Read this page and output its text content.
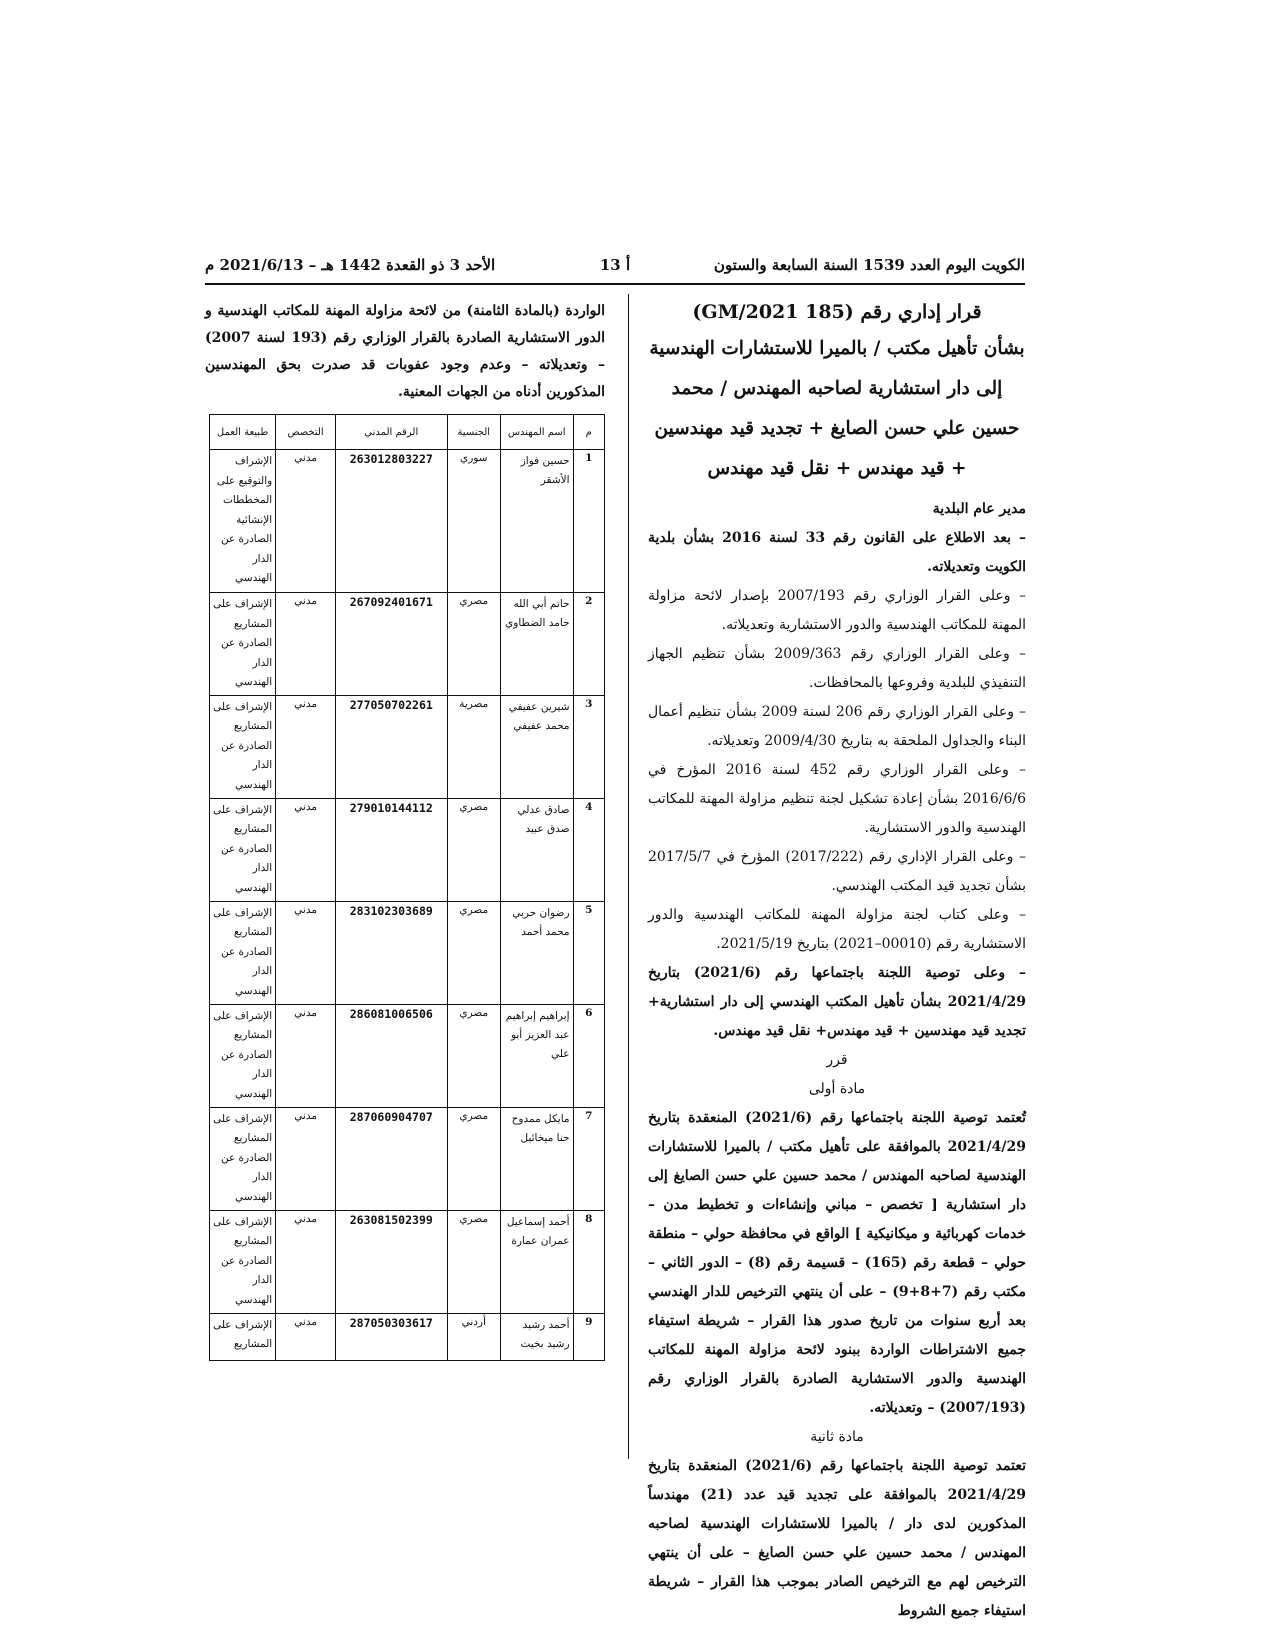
الكويت اليوم العدد 1539 السنة السابعة والستون
أ 13
الأحد 3 ذو القعدة 1442 هـ – 2021/6/13 م

قرار إداري رقم (185 2021/GM)

بشأن تأهيل مكتب / بالميرا للاستشارات الهندسية إلى دار استشارية لصاحبه المهندس / محمد حسين علي حسن الصايغ + تجديد قيد مهندسين + قيد مهندس + نقل قيد مهندس

مدير عام البلدية

– بعد الاطلاع على القانون رقم 33 لسنة 2016 بشأن بلدية الكويت وتعديلاته.

– وعلى القرار الوزاري رقم 2007/193 بإصدار لائحة مزاولة المهنة للمكاتب الهندسية والدور الاستشارية وتعديلاته.

– وعلى القرار الوزاري رقم 2009/363 بشأن تنظيم الجهاز التنفيذي للبلدية وفروعها بالمحافظات.

– وعلى القرار الوزاري رقم 206 لسنة 2009 بشأن تنظيم أعمال البناء والجداول الملحقة به بتاريخ 2009/4/30 وتعديلاته.

– وعلى القرار الوزاري رقم 452 لسنة 2016 المؤرخ في 2016/6/6 بشأن إعادة تشكيل لجنة تنظيم مزاولة المهنة للمكاتب الهندسية والدور الاستشارية.

– وعلى القرار الإداري رقم (2017/222) المؤرخ في 2017/5/7 بشأن تجديد قيد المكتب الهندسي.

– وعلى كتاب لجنة مزاولة المهنة للمكاتب الهندسية والدور الاستشارية رقم (00010–2021) بتاريخ 2021/5/19.

– وعلى توصية اللجنة باجتماعها رقم (2021/6) بتاريخ 2021/4/29 بشأن تأهيل المكتب الهندسي إلى دار استشارية+ تجديد قيد مهندسين + قيد مهندس+ نقل قيد مهندس.

قرر

مادة أولى

تُعتمد توصية اللجنة باجتماعها رقم (2021/6) المنعقدة بتاريخ 2021/4/29 بالموافقة على تأهيل مكتب / بالميرا للاستشارات الهندسية لصاحبه المهندس / محمد حسين علي حسن الصايغ إلى دار استشارية [ تخصص – مباني وإنشاءات و تخطيط مدن – خدمات كهربائية و ميكانيكية ] الواقع في محافظة حولي – منطقة حولي – قطعة رقم (165) – قسيمة رقم (8) – الدور الثاني – مكتب رقم (7+8+9) – على أن ينتهي الترخيص للدار الهندسي بعد أربع سنوات من تاريخ صدور هذا القرار – شريطة استيفاء جميع الاشتراطات الواردة ببنود لائحة مزاولة المهنة للمكاتب الهندسية والدور الاستشارية الصادرة بالقرار الوزاري رقم (2007/193) – وتعديلاته.

مادة ثانية

تعتمد توصية اللجنة باجتماعها رقم (2021/6) المنعقدة بتاريخ 2021/4/29 بالموافقة على تجديد قيد عدد (21) مهندساً المذكورين لدى دار / بالميرا للاستشارات الهندسية لصاحبه المهندس / محمد حسين علي حسن الصايغ – على أن ينتهي الترخيص لهم مع الترخيص الصادر بموجب هذا القرار – شريطة استيفاء جميع الشروط

الواردة (بالمادة الثامنة) من لائحة مزاولة المهنة للمكاتب الهندسية و الدور الاستشارية الصادرة بالقرار الوزاري رقم (193 لسنة 2007) – وتعديلاته – وعدم وجود عفوبات قد صدرت بحق المهندسين المذكورين أدناه من الجهات المعنية.

م	اسم المهندس	الجنسية	الرقم المدني	التخصص	طبيعة العمل
1	حسين فواز الأشقر	سوري	263012803227	مدني	الإشراف والتوقيع على المخططات الإنشائية الصادرة عن الدار الهندسي
2	حاتم أبي الله حامد الضطاوي	مصري	267092401671	مدني	الإشراف على المشاريع الصادرة عن الدار الهندسي
3	شيرين عفيفي محمد عفيفي	مصرية	277050702261	مدني	الإشراف على المشاريع الصادرة عن الدار الهندسي
4	صادق عدلي صدق عبيد	مصري	279010144112	مدني	الإشراف على المشاريع الصادرة عن الدار الهندسي
5	رضوان حربي محمد أحمد	مصري	283102303689	مدني	الإشراف على المشاريع الصادرة عن الدار الهندسي
6	إبراهيم إبراهيم عبد العزيز أبو علي	مصري	286081006506	مدني	الإشراف على المشاريع الصادرة عن الدار الهندسي
7	مايكل ممدوح حنا ميخائيل	مصري	287060904707	مدني	الإشراف على المشاريع الصادرة عن الدار الهندسي
8	أحمد إسماعيل عمران عمارة	مصري	263081502399	مدني	الإشراف على المشاريع الصادرة عن الدار الهندسي
9	أحمد رشيد رشيد بخيت	أردني	287050303617	مدني	الإشراف على المشاريع
